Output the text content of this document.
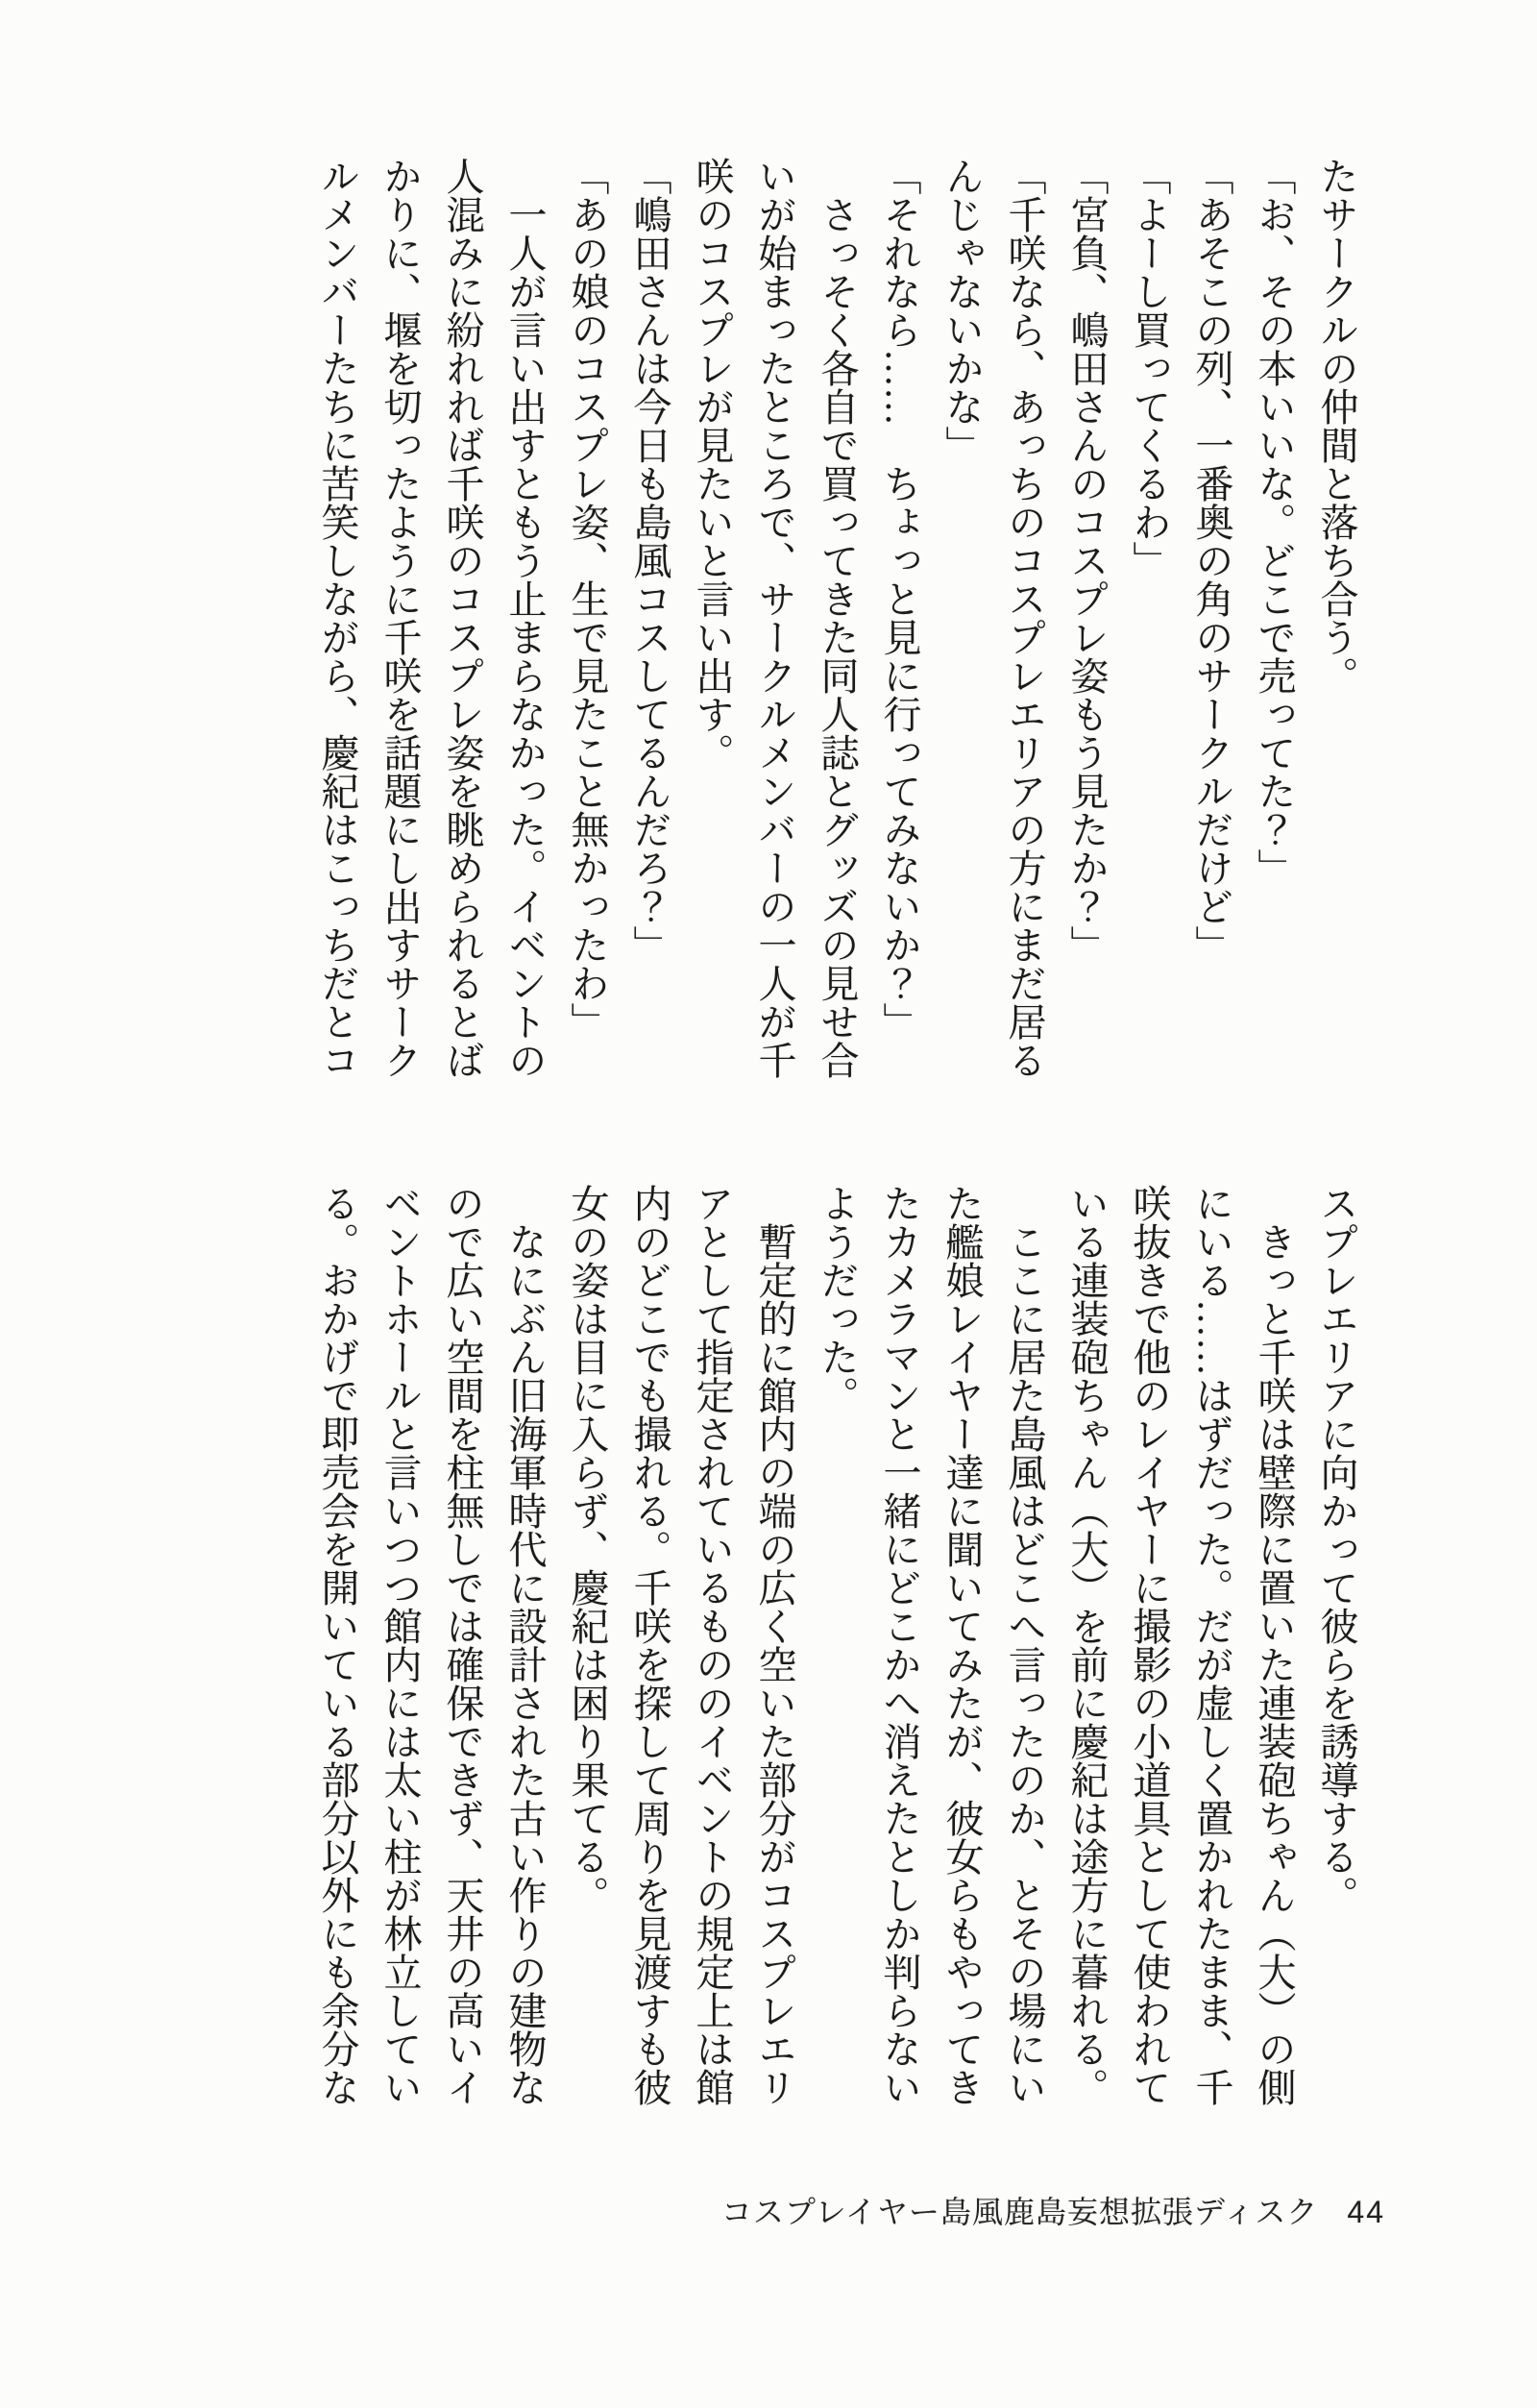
たサークルの仲間と落ち合う。
「お、その本いいな。どこで売ってた？」
「あそこの列、一番奥の角のサークルだけど」
「よーし買ってくるわ」
「宮負、嶋田さんのコスプレ姿もう見たか？」
「千咲なら、あっちのコスプレエリアの方にまだ居る
んじゃないかな」
「それなら……　ちょっと見に行ってみないか？」
　さっそく各自で買ってきた同人誌とグッズの見せ合
いが始まったところで、サークルメンバーの一人が千
咲のコスプレが見たいと言い出す。
「嶋田さんは今日も島風コスしてるんだろ？」
「あの娘のコスプレ姿、生で見たこと無かったわ」
　一人が言い出すともう止まらなかった。イベントの
人混みに紛れれば千咲のコスプレ姿を眺められるとば
かりに、堰を切ったように千咲を話題にし出すサーク
ルメンバーたちに苦笑しながら、慶紀はこっちだとコ
スプレエリアに向かって彼らを誘導する。
　きっと千咲は壁際に置いた連装砲ちゃん（大）の側
にいる……はずだった。だが虚しく置かれたまま、千
咲抜きで他のレイヤーに撮影の小道具として使われて
いる連装砲ちゃん（大）を前に慶紀は途方に暮れる。
　ここに居た島風はどこへ言ったのか、とその場にい
た艦娘レイヤー達に聞いてみたが、彼女らもやってき
たカメラマンと一緒にどこかへ消えたとしか判らない
ようだった。
　暫定的に館内の端の広く空いた部分がコスプレエリ
アとして指定されているもののイベントの規定上は館
内のどこでも撮れる。千咲を探して周りを見渡すも彼
女の姿は目に入らず、慶紀は困り果てる。
　なにぶん旧海軍時代に設計された古い作りの建物な
ので広い空間を柱無しでは確保できず、天井の高いイ
ベントホールと言いつつ館内には太い柱が林立してい
る。おかげで即売会を開いている部分以外にも余分な
コスプレイヤー島風鹿島妄想拡張ディスク 44
